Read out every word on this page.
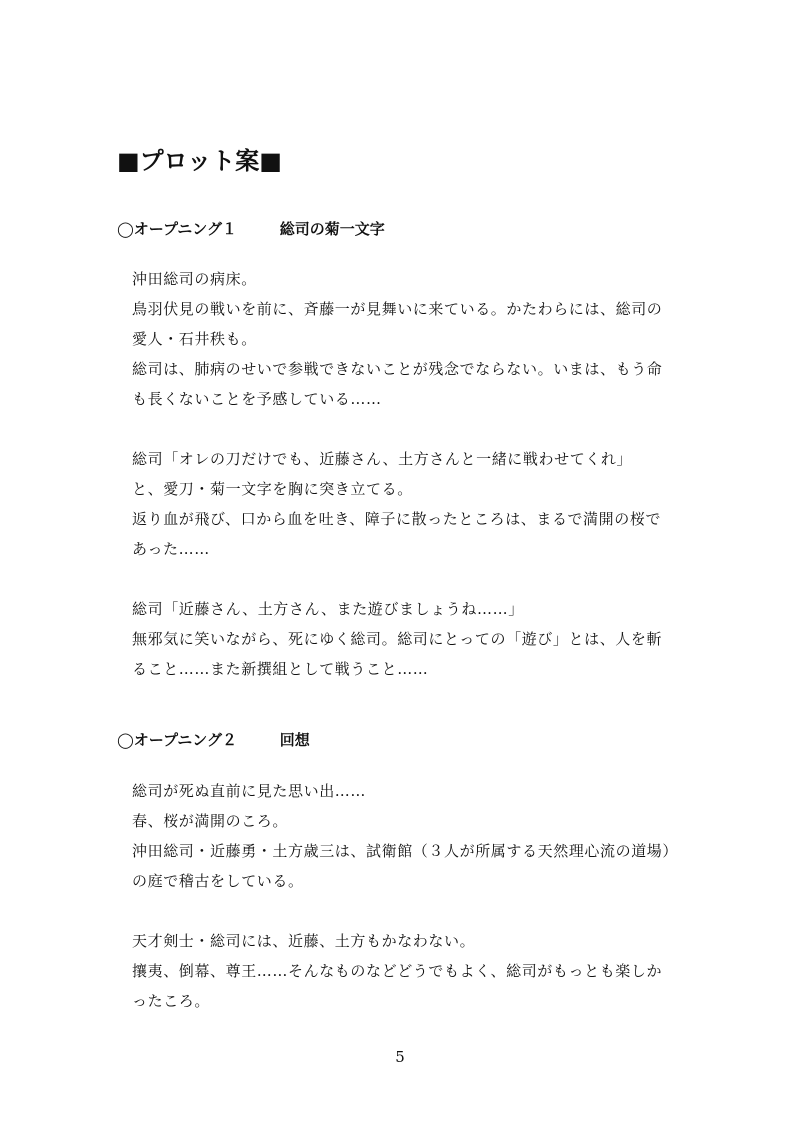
■プロット案■
◯オープニング１	総司の菊一文字
沖田総司の病床。
鳥羽伏見の戦いを前に、斉藤一が見舞いに来ている。かたわらには、総司の
愛人・石井秩も。
総司は、肺病のせいで参戦できないことが残念でならない。いまは、もう命
も長くないことを予感している……
総司「オレの刀だけでも、近藤さん、土方さんと一緒に戦わせてくれ」
と、愛刀・菊一文字を胸に突き立てる。
返り血が飛び、口から血を吐き、障子に散ったところは、まるで満開の桜で
あった……
総司「近藤さん、土方さん、また遊びましょうね……」
無邪気に笑いながら、死にゆく総司。総司にとっての「遊び」とは、人を斬
ること……また新撰組として戦うこと……
◯オープニング２	回想
総司が死ぬ直前に見た思い出……
春、桜が満開のころ。
沖田総司・近藤勇・土方歳三は、試衛館（３人が所属する天然理心流の道場）
の庭で稽古をしている。
天才剣士・総司には、近藤、土方もかなわない。
攘夷、倒幕、尊王……そんなものなどどうでもよく、総司がもっとも楽しか
ったころ。
5
